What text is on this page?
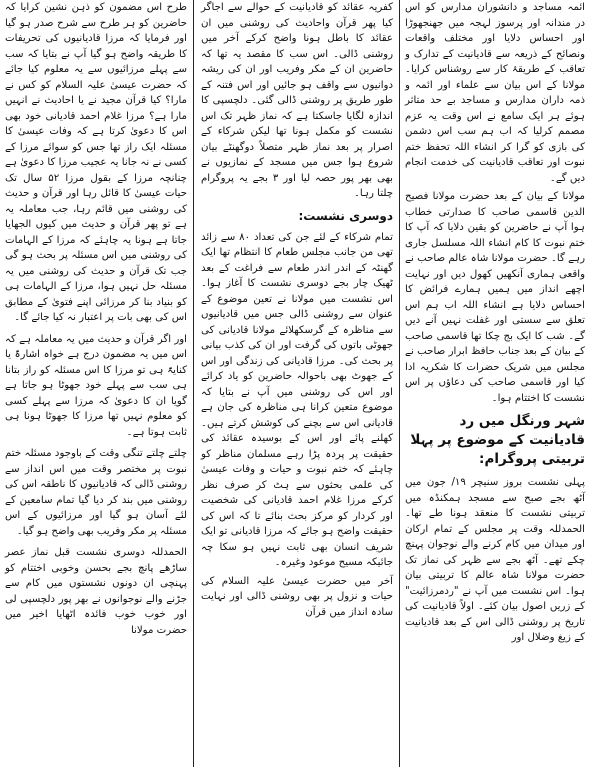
ائمہ مساجد و دانشوران مدارس کو اس در مندانہ اور پرسوز لہجہ میں جھنجھوڑا اور احساس دلایا اور مختلف واقعات ونصائح کے ذریعہ سے قادیانیت کے تدارک و تعاقب کے طریقۂ کار سے روشناس کرایا۔ مولانا کے اس بیان سے علماء اور ائمہ و ذمہ داران مدارس و مساجد بے حد متاثر ہوئے ہر ایک سامع نے اس وقت یہ عزم مصمم کرلیا کہ اب ہم سب اس دشمن کی بازی کو گرا کر انشاء اللہ تحفظ ختم نبوت اور تعاقب قادیانیت کی خدمت انجام دیں گے۔

مولانا کے بیان کے بعد حضرت مولانا فصیح الدین قاسمی صاحب کا صدارتی خطاب ہوا آپ نے حاضرین کو یقین دلایا کہ آپ کا ختم نبوت کا کام انشاء اللہ مسلسل جاری رہے گا۔ حضرت مولانا شاہ عالم صاحب نے واقعی ہماری آنکھیں کھول دیں اور نہایت اچھے انداز میں ہمیں ہمارے فرائض کا احساس دلایا ہے انشاء اللہ اب ہم اس تعلق سے سستی اور غفلت نہیں آنے دیں گے۔ شب کا ایک بج چکا تھا قاسمی صاحب کے بیان کے بعد جناب حافظ ابرار صاحب نے مجلس میں شریک حضرات کا شکریہ ادا کیا اور قاسمی صاحب کی دعاؤں پر اس نشست کا اختتام ہوا۔

شہر ورنگل میں رد قادیانیت کے موضوع پر پہلا تربیتی پروگرام:

پہلی نشست بروز سنیچر ۱۹/ جون میں آٹھ بجے صبح سے مسجد ہمکنڈہ میں تربیتی نشست کا منعقد ہونا طے تھا۔ الحمدللہ وقت پر مجلس کے تمام ارکان اور میدان میں کام کرنے والے نوجوان پہنچ چکے تھے۔ آٹھ بجے سے ظہر کی نماز تک حضرت مولانا شاہ عالم کا تربیتی بیان ہوا۔ اس نشست میں آپ نے "ردمرزائیت" کے زریں اصول بیان کئے۔ اولاً قادیانیت کی تاریخ پر روشنی ڈالی اس کے بعد قادیانیت کے زیغ وضلال اور

کفریہ عقائد کو قادیانیت کے حوالے سے اجاگر کیا پھر قرآن واحادیث کی روشنی میں ان عقائد کا باطل ہونا واضح کرکے آخر میں روشنی ڈالی۔ اس سب کا مقصد یہ تھا کہ حاضرین ان کے مکر وفریب اور ان کی ریشہ دوانیوں سے واقف ہو جائیں اور اس فتنہ کے طور طریق پر روشنی ڈالی گئی۔ دلچسپی کا اندازہ لگایا جاسکتا ہے کہ نماز ظہر تک اس نشست کو مکمل ہونا تھا لیکن شرکاء کے اصرار پر بعد نماز ظہر متصلاً دوگھنٹے بیان شروع ہوا جس میں مسجد کے نمازیوں نے بھی بھر پور حصہ لیا اور ۳ بجے یہ پروگرام چلتا رہا۔

دوسری نشست:

تمام شرکاء کے لئے جن کی تعداد ۸۰ سے زائد تھی من جانب مجلس طعام کا انتظام تھا ایک گھنٹہ کے اندر اندر طعام سے فراغت کے بعد ٹھیک چار بجے دوسری نشست کا آغاز ہوا۔ اس نشست میں مولانا نے تعین موضوع کے عنوان سے روشنی ڈالی جس میں قادیانیوں سے مناظرہ کے گرسکھلائے مولانا قادیانی کی جھوٹی باتوں کی گرفت اور ان کی کذب بیانی پر بحث کی۔ مرزا قادیانی کی زندگی اور اس کے جھوٹ بھی باحوالہ حاضرین کو یاد کرائے اور اس کی روشنی میں آپ نے بتایا کہ موضوع متعین کرانا ہی مناظرہ کی جان ہے قادیانی اس سے بچنے کی کوشش کرتے ہیں۔ کھلنے پائے اور اس کے بوسیدہ عقائد کی حقیقت پر پردہ پڑا رہے مسلمان مناظر کو چاہئے کہ ختم نبوت و حیات و وفات عیسیٰ کی علمی بحثوں سے ہٹ کر صرف نظر کرکے مرزا غلام احمد قادیانی کی شخصیت اور کردار کو مرکز بحث بنائے تا کہ اس کی حقیقت واضح ہو جائے کہ مرزا قادیانی تو ایک شریف انسان بھی ثابت نہیں ہو سکا چہ جائیکہ مسیح موعود وغیرہ۔

آخر میں حضرت عیسیٰ علیہ السلام کی حیات و نزول پر بھی روشنی ڈالی اور نہایت سادہ انداز میں قرآن

طرح اس مضمون کو ذہن نشین کرایا کہ حاضرین کو ہر طرح سے شرح صدر ہو گیا اور فرمایا کہ مرزا قادیانیوں کی تحریفات کا طریقہ واضح ہو گیا آپ نے بتایا کہ سب سے پہلے مرزائیوں سے یہ معلوم کیا جائے کہ حضرت عیسیٰ علیہ السلام کو کس نے مارا؟ کیا قرآن مجید نے یا احادیث نے انہیں مارا ہے؟ مرزا غلام احمد قادیانی خود بھی اس کا دعویٰ کرتا ہے کہ وفات عیسیٰ کا مسئلہ ایک راز تھا جس کو سوائے مرزا کے کسی نے نہ جانا یہ عجیب مرزا کا دعویٰ ہے چنانچہ مرزا کے بقول مرزا ۵۲ سال تک حیات عیسیٰ کا قائل رہا اور قرآن و حدیث کی روشنی میں قائم رہا، جب معاملہ یہ ہے تو پھر قرآن و حدیث میں کیوں الجھایا جاتا ہے ہونا یہ چاہئے کہ مرزا کے الہامات کی روشنی میں اس مسئلہ پر بحث ہو گی جب تک قرآن و حدیث کی روشنی میں یہ مسئلہ حل نہیں ہوا، مرزا کے الہامات ہی کو بنیاد بنا کر مرزائی اپنے فتویٰ کے مطابق اس کی بھی بات پر اعتبار نہ کیا جائے گا۔

اور اگر قرآن و حدیث میں یہ معاملہ ہے کہ اس میں یہ مضمون درج ہے خواہ اشارۃً یا کنایۃً ہی تو مرزا کا اس مسئلہ کو راز بتانا ہی سب سے پہلے خود جھوٹا ہو جاتا ہے گویا ان کا دعویٰ کہ مرزا سے پہلے کسی کو معلوم نہیں تھا مرزا کا جھوٹا ہونا ہی ثابت ہوتا ہے۔

چلتے چلتے تنگی وقت کے باوجود مسئلہ ختم نبوت پر مختصر وقت میں اس انداز سے روشنی ڈالی کہ قادیانیوں کا ناطقہ اس کی روشنی میں بند کر دیا گیا تمام سامعین کے لئے آسان ہو گیا اور مرزائیوں کے اس مسئلہ پر مکر وفریب بھی واضح ہو گیا۔

الحمدللہ دوسری نشست قبل نماز عصر ساڑھے پانچ بجے بحسن وخوبی اختتام کو پہنچی ان دونوں نشستوں میں کام سے جڑنے والے نوجوانوں نے بھر پور دلچسپی لی اور خوب خوب فائدہ اٹھایا اخیر میں حضرت مولانا
